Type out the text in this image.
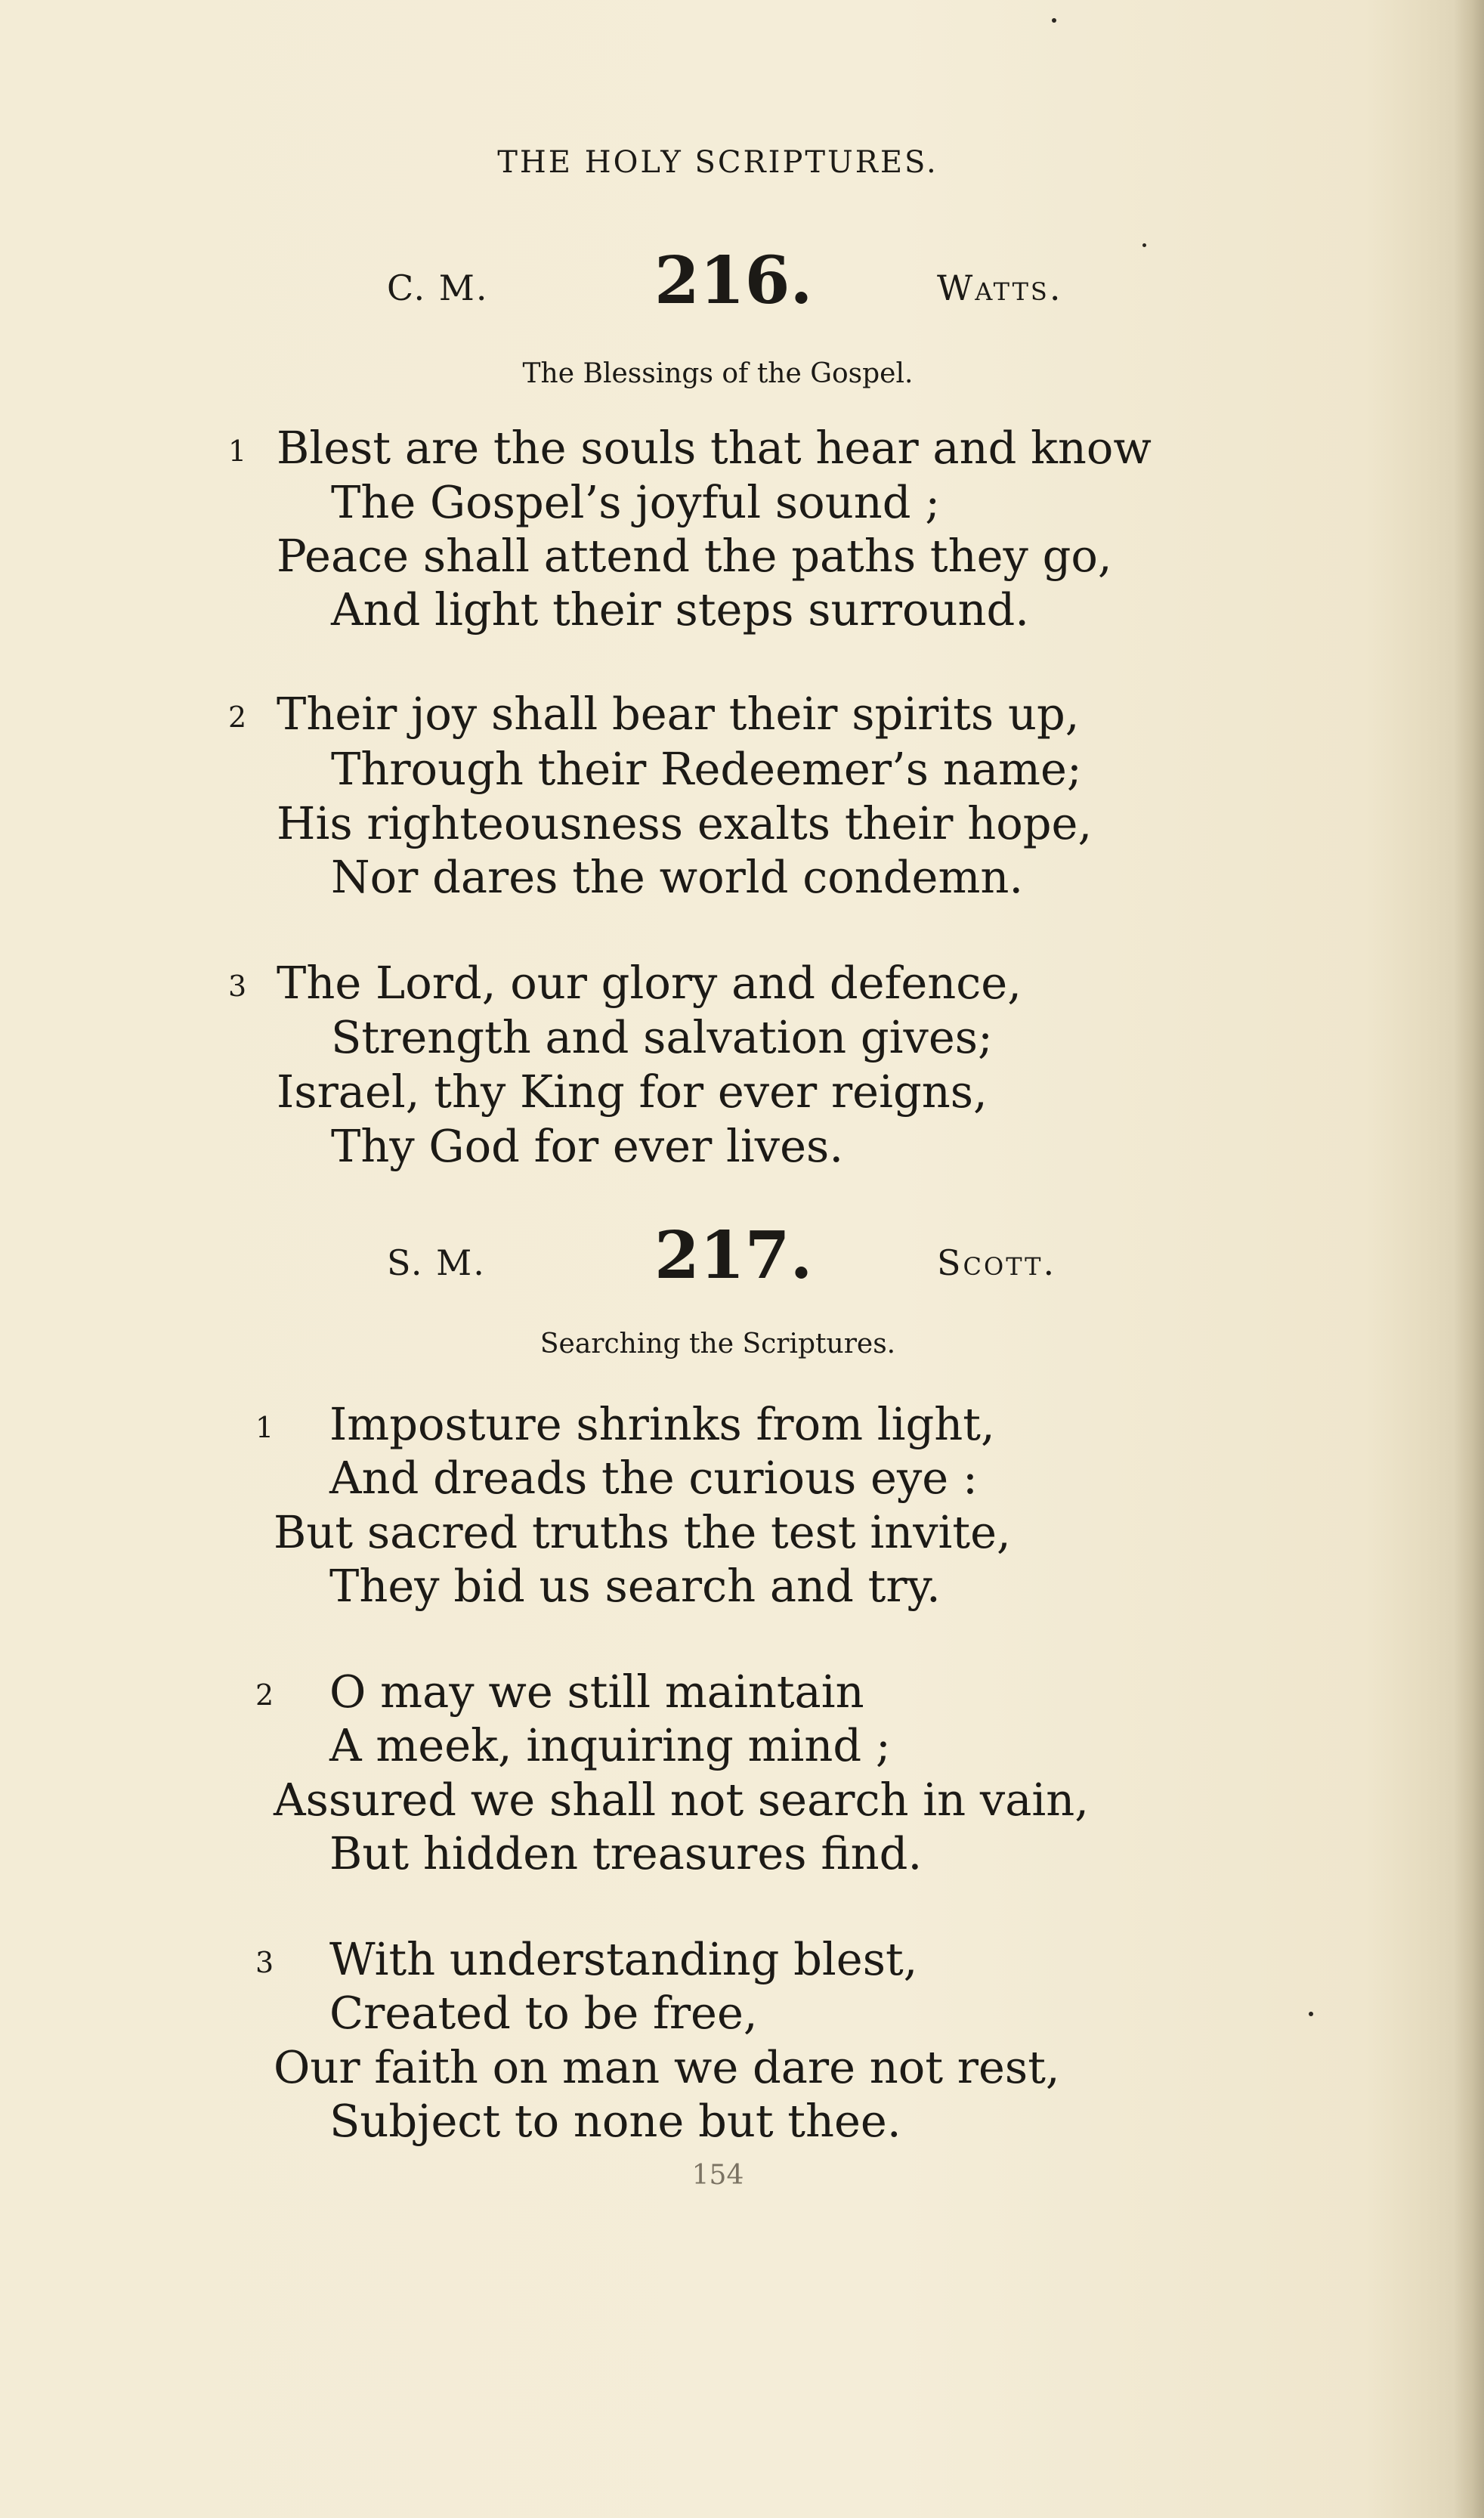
THE HOLY SCRIPTURES.
C. M.	216.	Watts.
The Blessings of the Gospel.
1 Blest are the souls that hear and know
The Gospel’s joyful sound ;
Peace shall attend the paths they go,
And light their steps surround.
2 Their joy shall bear their spirits up,
Through their Redeemer’s name;
His righteousness exalts their hope,
Nor dares the world condemn.
3 The Lord, our glory and defence,
Strength and salvation gives;
Israel, thy King for ever reigns,
Thy God for ever lives.
S. M.	217.	Scott.
Searching the Scriptures.
1 Imposture shrinks from light,
And dreads the curious eye :
But sacred truths the test invite,
They bid us search and try.
2 O may we still maintain
A meek, inquiring mind ;
Assured we shall not search in vain,
But hidden treasures find.
3 With understanding blest,
Created to be free,
Our faith on man we dare not rest,
Subject to none but thee.
154
